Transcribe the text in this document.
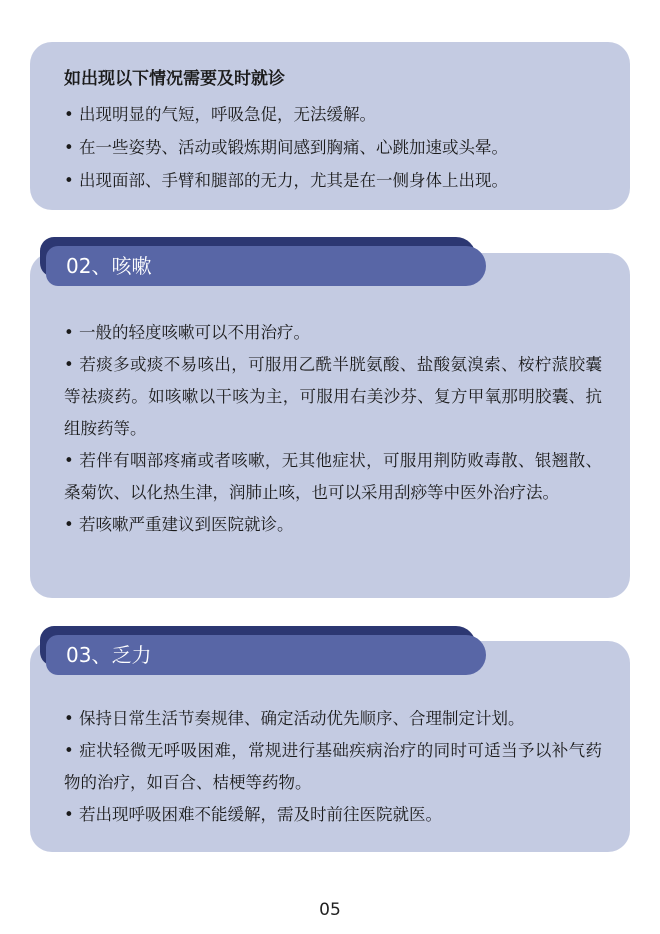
如出现以下情况需要及时就诊

• 出现明显的气短，呼吸急促，无法缓解。

• 在一些姿势、活动或锻炼期间感到胸痛、心跳加速或头晕。

• 出现面部、手臂和腿部的无力，尤其是在一侧身体上出现。

• 一般的轻度咳嗽可以不用治疗。

• 若痰多或痰不易咳出，可服用乙酰半胱氨酸、盐酸氨溴索、桉柠蒎胶囊等祛痰药。如咳嗽以干咳为主，可服用右美沙芬、复方甲氧那明胶囊、抗组胺药等。

• 若伴有咽部疼痛或者咳嗽，无其他症状，可服用荆防败毒散、银翘散、桑菊饮、以化热生津，润肺止咳，也可以采用刮痧等中医外治疗法。

• 若咳嗽严重建议到医院就诊。

02、咳嗽

• 保持日常生活节奏规律、确定活动优先顺序、合理制定计划。

• 症状轻微无呼吸困难，常规进行基础疾病治疗的同时可适当予以补气药物的治疗，如百合、桔梗等药物。

• 若出现呼吸困难不能缓解，需及时前往医院就医。

03、乏力
05
